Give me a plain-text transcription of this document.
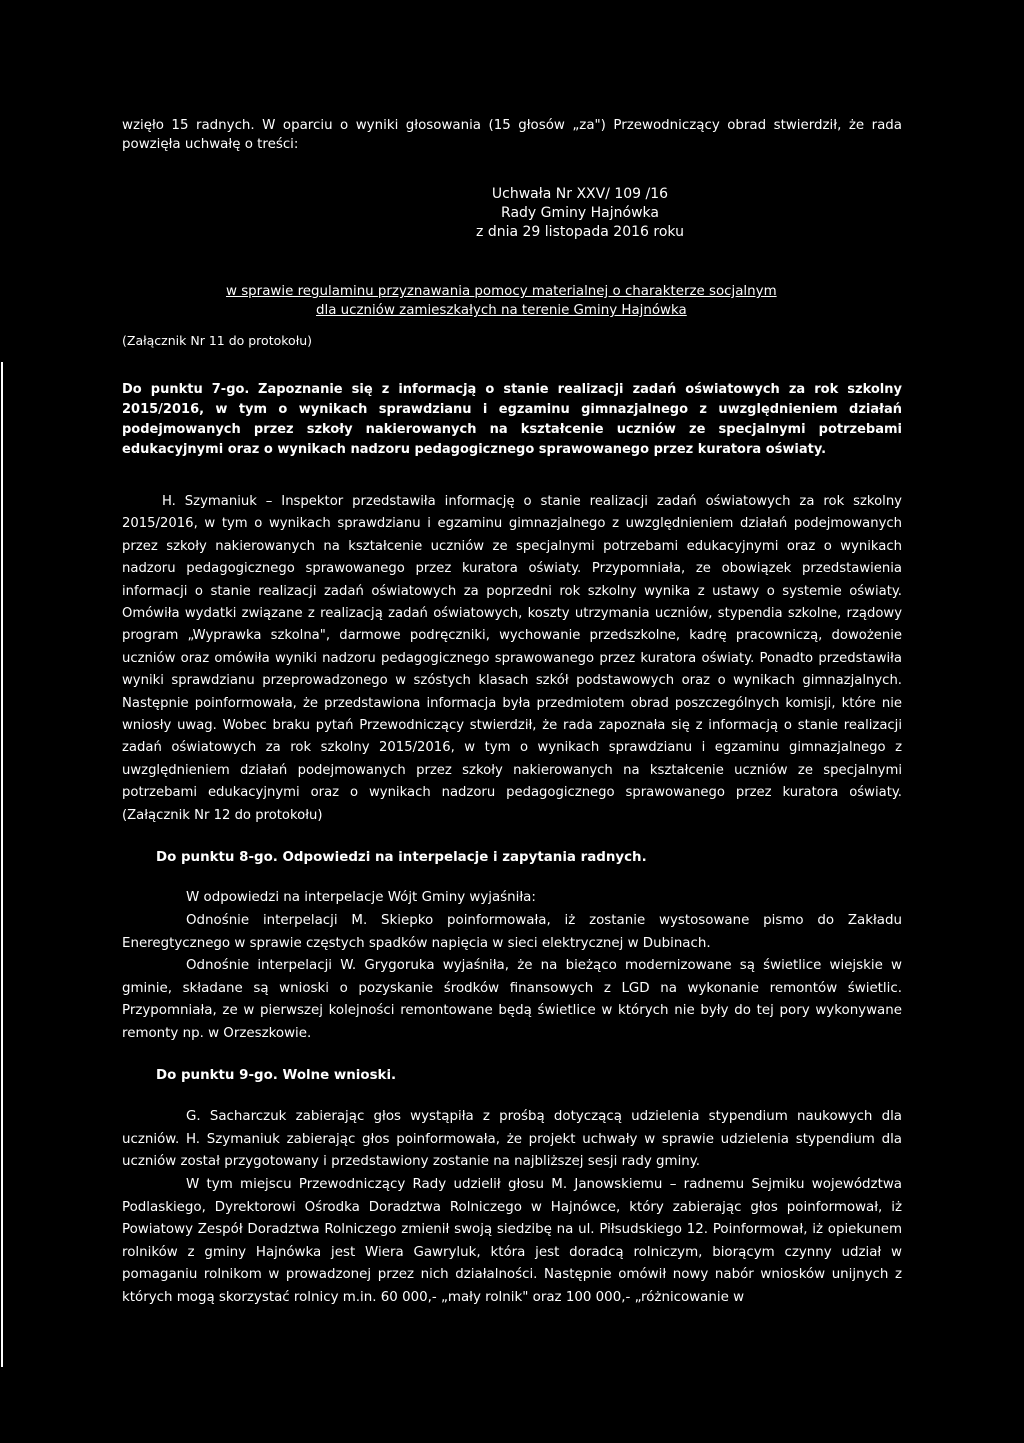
wzięło 15 radnych. W oparciu o wyniki głosowania (15 głosów „za") Przewodniczący obrad stwierdził, że rada

powzięła uchwałę o treści:

Uchwała Nr XXV/ 109 /16

Rady Gminy Hajnówka

z dnia 29 listopada 2016 roku

w sprawie regulaminu przyznawania pomocy materialnej o charakterze socjalnym

dla uczniów zamieszkałych na terenie Gminy Hajnówka

(Załącznik Nr 11 do protokołu)

Do punktu 7-go. Zapoznanie się z informacją o stanie realizacji zadań oświatowych za rok szkolny 2015/2016, w tym o wynikach sprawdzianu i egzaminu gimnazjalnego z uwzględnieniem działań podejmowanych przez szkoły nakierowanych na kształcenie uczniów ze specjalnymi potrzebami edukacyjnymi oraz o wynikach nadzoru pedagogicznego sprawowanego przez kuratora oświaty.

H. Szymaniuk – Inspektor przedstawiła informację o stanie realizacji zadań oświatowych za rok szkolny 2015/2016, w tym o wynikach sprawdzianu i egzaminu gimnazjalnego z uwzględnieniem działań podejmowanych przez szkoły nakierowanych na kształcenie uczniów ze specjalnymi potrzebami edukacyjnymi oraz o wynikach nadzoru pedagogicznego sprawowanego przez kuratora oświaty. Przypomniała, ze obowiązek przedstawienia informacji o stanie realizacji zadań oświatowych za poprzedni rok szkolny wynika z ustawy o systemie oświaty. Omówiła wydatki związane z realizacją zadań oświatowych, koszty utrzymania uczniów, stypendia szkolne, rządowy program „Wyprawka szkolna", darmowe podręczniki, wychowanie przedszkolne, kadrę pracowniczą, dowożenie uczniów oraz omówiła wyniki nadzoru pedagogicznego sprawowanego przez kuratora oświaty. Ponadto przedstawiła wyniki sprawdzianu przeprowadzonego w szóstych klasach szkół podstawowych oraz o wynikach gimnazjalnych. Następnie poinformowała, że przedstawiona informacja była przedmiotem obrad poszczególnych komisji, które nie wniosły uwag. Wobec braku pytań Przewodniczący stwierdził, że rada zapoznała się z informacją o stanie realizacji zadań oświatowych za rok szkolny 2015/2016, w tym o wynikach sprawdzianu i egzaminu gimnazjalnego z uwzględnieniem działań podejmowanych przez szkoły nakierowanych na kształcenie uczniów ze specjalnymi potrzebami edukacyjnymi oraz o wynikach nadzoru pedagogicznego sprawowanego przez kuratora oświaty. (Załącznik Nr 12 do protokołu)

Do punktu 8-go. Odpowiedzi na interpelacje i zapytania radnych.

W odpowiedzi na interpelacje Wójt Gminy wyjaśniła:

Odnośnie interpelacji M. Skiepko poinformowała, iż zostanie wystosowane pismo do Zakładu Eneregtycznego w sprawie częstych spadków napięcia w sieci elektrycznej w Dubinach.

Odnośnie interpelacji W. Grygoruka wyjaśniła, że na bieżąco modernizowane są świetlice wiejskie w gminie, składane są wnioski o pozyskanie środków finansowych z LGD na wykonanie remontów świetlic. Przypomniała, ze w pierwszej kolejności remontowane będą świetlice w których nie były do tej pory wykonywane remonty np. w Orzeszkowie.

Do punktu 9-go. Wolne wnioski.

G. Sacharczuk zabierając głos wystąpiła z prośbą dotyczącą udzielenia stypendium naukowych dla uczniów. H. Szymaniuk zabierając głos poinformowała, że projekt uchwały w sprawie udzielenia stypendium dla uczniów został przygotowany i przedstawiony zostanie na najbliższej sesji rady gminy.

W tym miejscu Przewodniczący Rady udzielił głosu M. Janowskiemu – radnemu Sejmiku województwa Podlaskiego, Dyrektorowi Ośrodka Doradztwa Rolniczego w Hajnówce, który zabierając głos poinformował, iż Powiatowy Zespół Doradztwa Rolniczego zmienił swoją siedzibę na ul. Piłsudskiego 12. Poinformował, iż opiekunem rolników z gminy Hajnówka jest Wiera Gawryluk, która jest doradcą rolniczym, biorącym czynny udział w pomaganiu rolnikom w prowadzonej przez nich działalności. Następnie omówił nowy nabór wniosków unijnych z których mogą skorzystać rolnicy m.in. 60 000,- „mały rolnik" oraz 100 000,- „różnicowanie w
